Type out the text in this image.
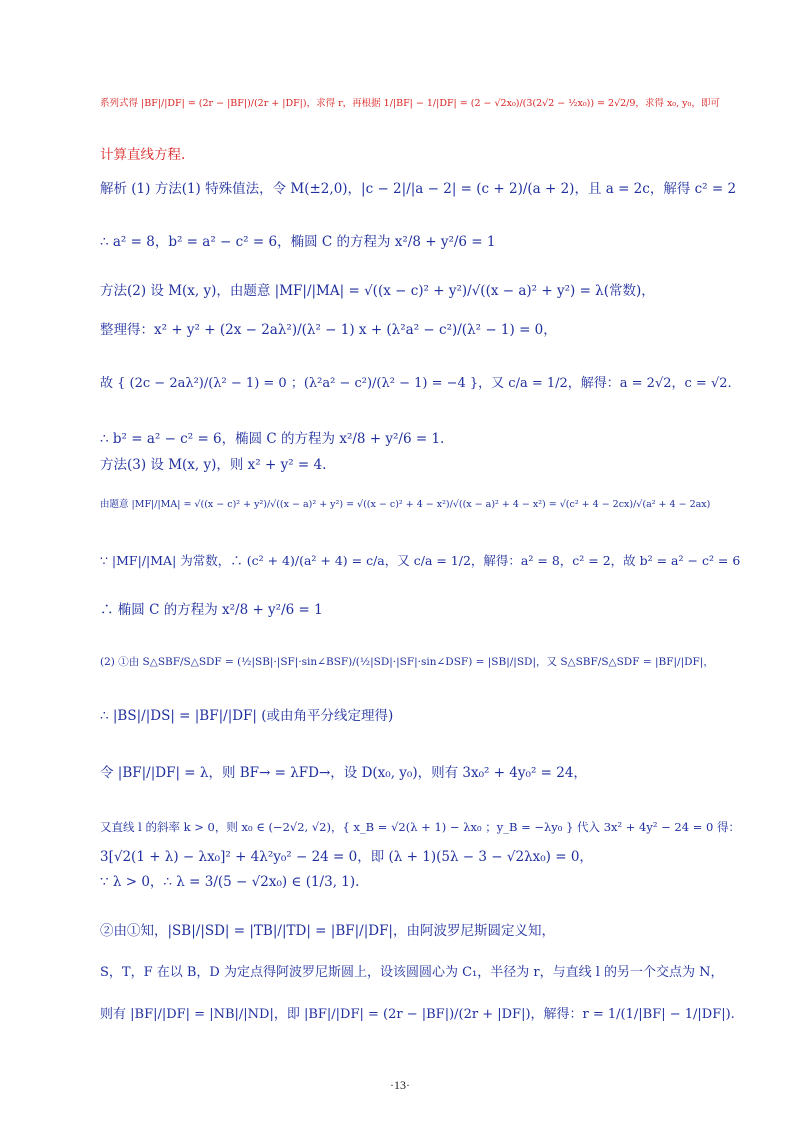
系列式得 |BF|/|DF| = (2r − |BF|)/(2r + |DF|)，求得 r，再根据 1/|BF| − 1/|DF| = (2 − √2x₀)/(3(2√2 − ½x₀)) = 2√2/9，求得 x₀, y₀，即可
计算直线方程.
解析 (1) 方法(1) 特殊值法，令 M(±2,0)，|c − 2|/|a − 2| = (c + 2)/(a + 2)，且 a = 2c，解得 c² = 2
∴ a² = 8，b² = a² − c² = 6，椭圆 C 的方程为 x²/8 + y²/6 = 1
方法(2) 设 M(x, y)，由题意 |MF|/|MA| = √((x − c)² + y²)/√((x − a)² + y²) = λ(常数)，
整理得：x² + y² + (2x − 2aλ²)/(λ² − 1) x + (λ²a² − c²)/(λ² − 1) = 0，
故 { (2c − 2aλ²)/(λ² − 1) = 0 ；(λ²a² − c²)/(λ² − 1) = −4 }，又 c/a = 1/2，解得：a = 2√2，c = √2.
∴ b² = a² − c² = 6，椭圆 C 的方程为 x²/8 + y²/6 = 1.
方法(3) 设 M(x, y)，则 x² + y² = 4.
由题意 |MF|/|MA| = √((x − c)² + y²)/√((x − a)² + y²) = √((x − c)² + 4 − x²)/√((x − a)² + 4 − x²) = √(c² + 4 − 2cx)/√(a² + 4 − 2ax)
∵ |MF|/|MA| 为常数，∴ (c² + 4)/(a² + 4) = c/a，又 c/a = 1/2，解得：a² = 8，c² = 2，故 b² = a² − c² = 6
∴ 椭圆 C 的方程为 x²/8 + y²/6 = 1
(2) ①由 S△SBF/S△SDF = (½|SB|·|SF|·sin∠BSF)/(½|SD|·|SF|·sin∠DSF) = |SB|/|SD|，又 S△SBF/S△SDF = |BF|/|DF|，
∴ |BS|/|DS| = |BF|/|DF| (或由角平分线定理得)
令 |BF|/|DF| = λ，则 BF→ = λFD→，设 D(x₀, y₀)，则有 3x₀² + 4y₀² = 24，
又直线 l 的斜率 k > 0，则 x₀ ∈ (−2√2, √2)，{ x_B = √2(λ + 1) − λx₀ ；y_B = −λy₀ } 代入 3x² + 4y² − 24 = 0 得：
3[√2(1 + λ) − λx₀]² + 4λ²y₀² − 24 = 0，即 (λ + 1)(5λ − 3 − √2λx₀) = 0，
∵ λ > 0，∴ λ = 3/(5 − √2x₀) ∈ (1/3, 1).
②由①知，|SB|/|SD| = |TB|/|TD| = |BF|/|DF|，由阿波罗尼斯圆定义知，
S，T，F 在以 B，D 为定点得阿波罗尼斯圆上，设该圆圆心为 C₁，半径为 r，与直线 l 的另一个交点为 N，
则有 |BF|/|DF| = |NB|/|ND|，即 |BF|/|DF| = (2r − |BF|)/(2r + |DF|)，解得：r = 1/(1/|BF| − 1/|DF|).
·13·
